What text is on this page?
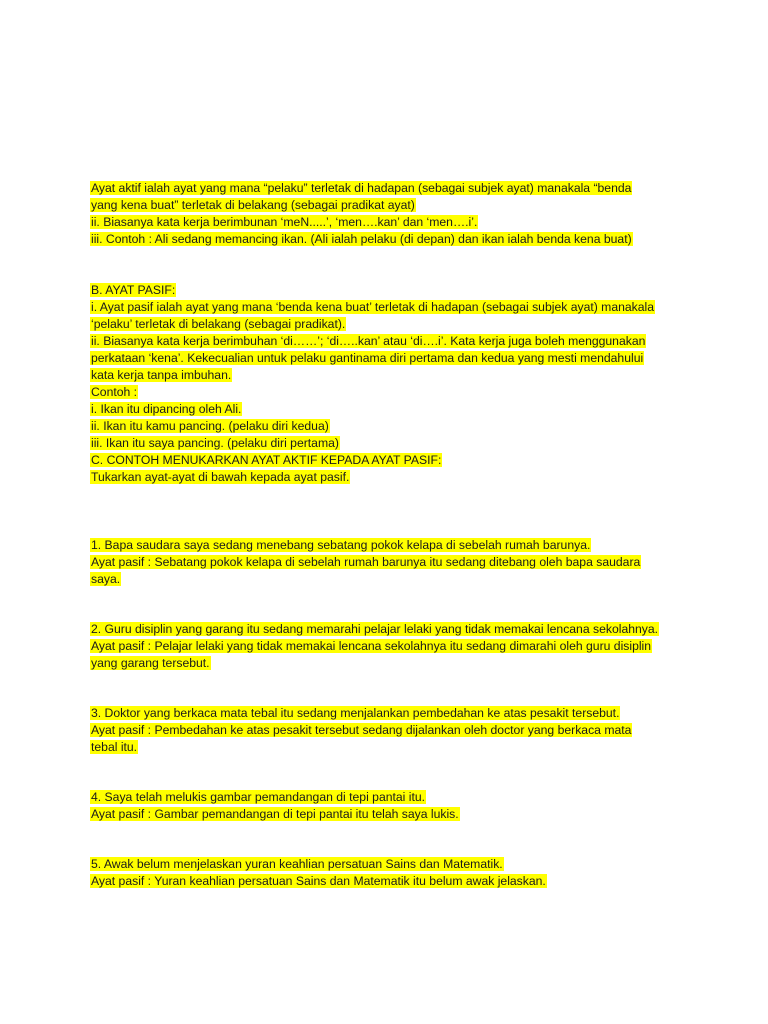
Ayat aktif ialah ayat yang mana “pelaku” terletak di hadapan (sebagai subjek ayat) manakala “benda
yang kena buat” terletak di belakang (sebagai pradikat ayat)
ii. Biasanya kata kerja berimbunan ‘meN.....’, ‘men….kan’ dan ‘men….i’.
iii. Contoh : Ali sedang memancing ikan. (Ali ialah pelaku (di depan) dan ikan ialah benda kena buat)
B. AYAT PASIF:
i. Ayat pasif ialah ayat yang mana ‘benda kena buat’ terletak di hadapan (sebagai subjek ayat) manakala
‘pelaku’ terletak di belakang (sebagai pradikat).
ii. Biasanya kata kerja berimbuhan ‘di……’; ‘di…..kan’ atau ‘di….i’. Kata kerja juga boleh menggunakan
perkataan ‘kena’. Kekecualian untuk pelaku gantinama diri pertama dan kedua yang mesti mendahului
kata kerja tanpa imbuhan.
Contoh :
i. Ikan itu dipancing oleh Ali.
ii. Ikan itu kamu pancing. (pelaku diri kedua)
iii. Ikan itu saya pancing. (pelaku diri pertama)
C. CONTOH MENUKARKAN AYAT AKTIF KEPADA AYAT PASIF:
Tukarkan ayat-ayat di bawah kepada ayat pasif.
1. Bapa saudara saya sedang menebang sebatang pokok kelapa di sebelah rumah barunya.
Ayat pasif : Sebatang pokok kelapa di sebelah rumah barunya itu sedang ditebang oleh bapa saudara
saya.
2. Guru disiplin yang garang itu sedang memarahi pelajar lelaki yang tidak memakai lencana sekolahnya.
Ayat pasif : Pelajar lelaki yang tidak memakai lencana sekolahnya itu sedang dimarahi oleh guru disiplin
yang garang tersebut.
3. Doktor yang berkaca mata tebal itu sedang menjalankan pembedahan ke atas pesakit tersebut.
Ayat pasif : Pembedahan ke atas pesakit tersebut sedang dijalankan oleh doctor yang berkaca mata
tebal itu.
4. Saya telah melukis gambar pemandangan di tepi pantai itu.
Ayat pasif : Gambar pemandangan di tepi pantai itu telah saya lukis.
5. Awak belum menjelaskan yuran keahlian persatuan Sains dan Matematik.
Ayat pasif : Yuran keahlian persatuan Sains dan Matematik itu belum awak jelaskan.
